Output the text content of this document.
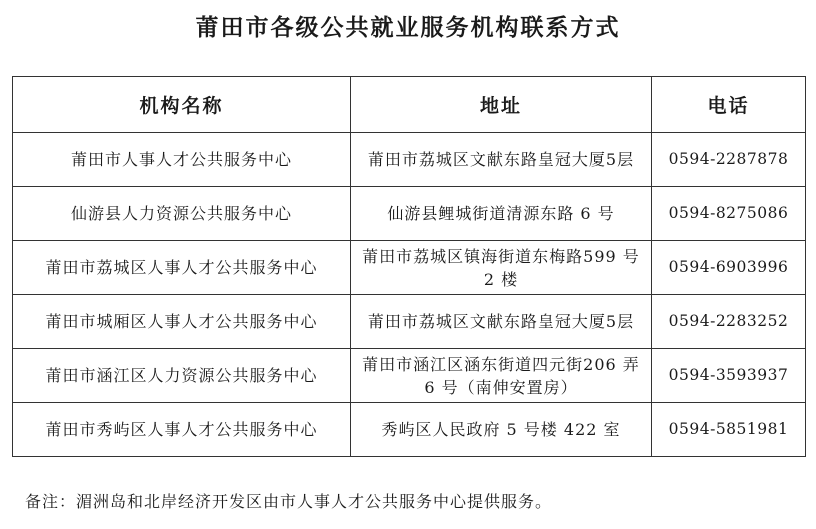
莆田市各级公共就业服务机构联系方式
机构名称	地址	电话
莆田市人事人才公共服务中心	莆田市荔城区文献东路皇冠大厦5层	0594-2287878
仙游县人力资源公共服务中心	仙游县鲤城街道清源东路 6 号	0594-8275086
莆田市荔城区人事人才公共服务中心	莆田市荔城区镇海街道东梅路599 号 2 楼	0594-6903996
莆田市城厢区人事人才公共服务中心	莆田市荔城区文献东路皇冠大厦5层	0594-2283252
莆田市涵江区人力资源公共服务中心	莆田市涵江区涵东街道四元街206 弄 6 号（南伸安置房）	0594-3593937
莆田市秀屿区人事人才公共服务中心	秀屿区人民政府 5 号楼 422 室	0594-5851981
备注：湄洲岛和北岸经济开发区由市人事人才公共服务中心提供服务。
